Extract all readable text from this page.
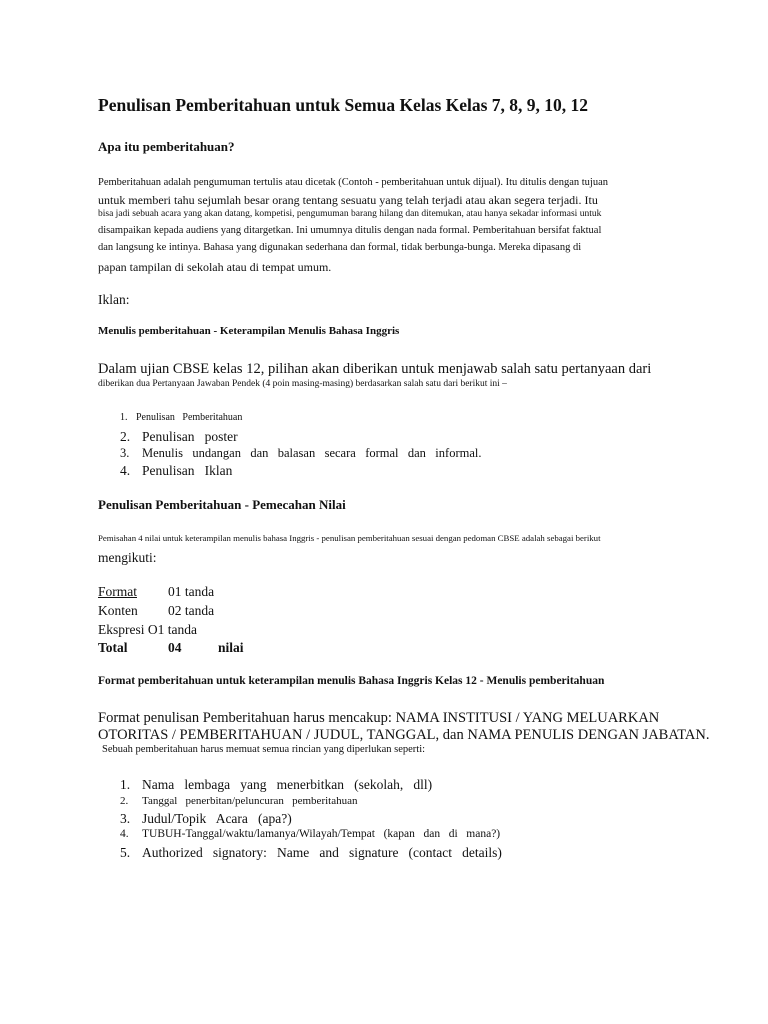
Penulisan Pemberitahuan untuk Semua Kelas Kelas 7, 8, 9, 10, 12
Apa itu pemberitahuan?
Pemberitahuan adalah pengumuman tertulis atau dicetak (Contoh - pemberitahuan untuk dijual). Itu ditulis dengan tujuan
untuk memberi tahu sejumlah besar orang tentang sesuatu yang telah terjadi atau akan segera terjadi. Itu
bisa jadi sebuah acara yang akan datang, kompetisi, pengumuman barang hilang dan ditemukan, atau hanya sekadar informasi untuk
disampaikan kepada audiens yang ditargetkan. Ini umumnya ditulis dengan nada formal. Pemberitahuan bersifat faktual
dan langsung ke intinya. Bahasa yang digunakan sederhana dan formal, tidak berbunga-bunga. Mereka dipasang di
papan tampilan di sekolah atau di tempat umum.
Iklan:
Menulis pemberitahuan - Keterampilan Menulis Bahasa Inggris
Dalam ujian CBSE kelas 12, pilihan akan diberikan untuk menjawab salah satu pertanyaan dari
diberikan dua Pertanyaan Jawaban Pendek (4 poin masing-masing) berdasarkan salah satu dari berikut ini –
1. Penulisan   Pemberitahuan
2. Penulisan   poster
3. Menulis   undangan   dan   balasan   secara   formal   dan   informal.
4. Penulisan   Iklan
Penulisan Pemberitahuan - Pemecahan Nilai
Pemisahan 4 nilai untuk keterampilan menulis bahasa Inggris - penulisan pemberitahuan sesuai dengan pedoman CBSE adalah sebagai berikut
mengikuti:
Format 01 tanda
Konten 02 tanda
Ekspresi O1 tanda
Total	04	nilai
Format pemberitahuan untuk keterampilan menulis Bahasa Inggris Kelas 12 - Menulis pemberitahuan
Format penulisan Pemberitahuan harus mencakup: NAMA INSTITUSI / YANG MELUARKAN
OTORITAS / PEMBERITAHUAN / JUDUL, TANGGAL, dan NAMA PENULIS DENGAN JABATAN.
Sebuah pemberitahuan harus memuat semua rincian yang diperlukan seperti:
1. Nama   lembaga   yang   menerbitkan   (sekolah,   dll)
2. Tanggal   penerbitan/peluncuran   pemberitahuan
3. Judul/Topik   Acara   (apa?)
4. TUBUH-Tanggal/waktu/lamanya/Wilayah/Tempat   (kapan   dan   di   mana?)
5. Authorized   signatory:   Name   and   signature   (contact   details)
